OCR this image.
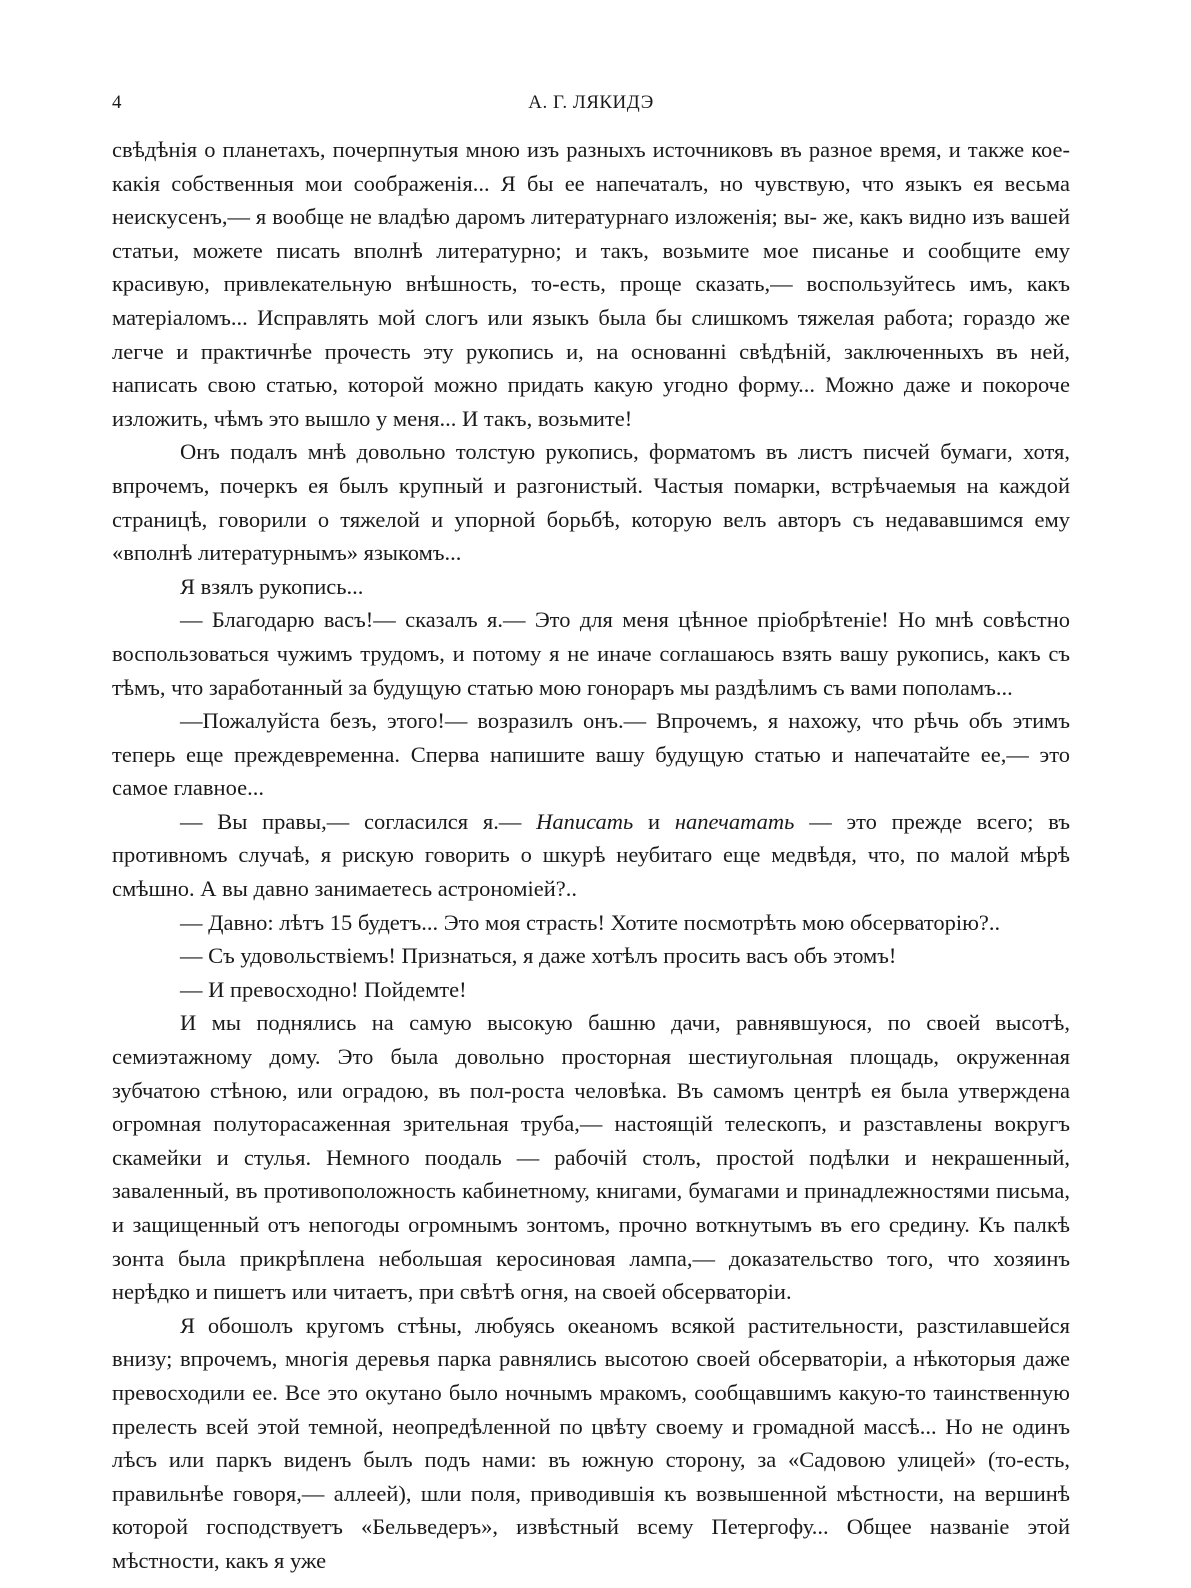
4	А. Г. ЛЯКИДЭ

свѣдѣнія о планетахъ, почерпнутыя мною изъ разныхъ источниковъ въ разное время, и также кое-какія собственныя мои соображенія... Я бы ее напечаталъ, но чувствую, что языкъ ея весьма неискусенъ,— я вообще не владѣю даромъ литературнаго изложенія; вы- же, какъ видно изъ вашей статьи, можете писать вполнѣ литературно; и такъ, возьмите мое писанье и сообщите ему красивую, привлекательную внѣшность, то-есть, проще сказать,— воспользуйтесь имъ, какъ матеріаломъ... Исправлять мой слогъ или языкъ была бы слишкомъ тяжелая работа; гораздо же легче и практичнѣе прочесть эту рукопись и, на основанні свѣдѣній, заключенныхъ въ ней, написать свою статью, которой можно придать какую угодно форму... Можно даже и покороче изложить, чѣмъ это вышло у меня... И такъ, возьмите!

Онъ подалъ мнѣ довольно толстую рукопись, форматомъ въ листъ писчей бумаги, хотя, впрочемъ, почеркъ ея былъ крупный и разгонистый. Частыя помарки, встрѣчаемыя на каждой страницѣ, говорили о тяжелой и упорной борьбѣ, которую велъ авторъ съ недававшимся ему «вполнѣ литературнымъ» языкомъ...

Я взялъ рукопись...

— Благодарю васъ!— сказалъ я.— Это для меня цѣнное пріобрѣтеніе! Но мнѣ совѣстно воспользоваться чужимъ трудомъ, и потому я не иначе соглашаюсь взять вашу рукопись, какъ съ тѣмъ, что заработанный за будущую статью мою гонораръ мы раздѣлимъ съ вами пополамъ...

—Пожалуйста безъ, этого!— возразилъ онъ.— Впрочемъ, я нахожу, что рѣчь объ этимъ теперь еще преждевременна. Сперва напишите вашу будущую статью и напечатайте ее,— это самое главное...

— Вы правы,— согласился я.— Написать и напечатать — это прежде всего; въ противномъ случаѣ, я рискую говорить о шкурѣ неубитаго еще медвѣдя, что, по малой мѣрѣ смѣшно. А вы давно занимаетесь астрономіей?..

— Давно: лѣтъ 15 будетъ... Это моя страсть! Хотите посмотрѣть мою обсерваторію?..

— Съ удовольствіемъ! Признаться, я даже хотѣлъ просить васъ объ этомъ!

— И превосходно! Пойдемте!

И мы поднялись на самую высокую башню дачи, равнявшуюся, по своей высотѣ, семиэтажному дому. Это была довольно просторная шестиугольная площадь, окруженная зубчатою стѣною, или оградою, въ пол-роста человѣка. Въ самомъ центрѣ ея была утверждена огромная полуторасаженная зрительная труба,— настоящій телескопъ, и разставлены вокругъ скамейки и стулья. Немного поодаль — рабочій столъ, простой подѣлки и некрашенный, заваленный, въ противоположность кабинетному, книгами, бумагами и принадлежностями письма, и защищенный отъ непогоды огромнымъ зонтомъ, прочно воткнутымъ въ его средину. Къ палкѣ зонта была прикрѣплена небольшая керосиновая лампа,— доказательство того, что хозяинъ нерѣдко и пишетъ или читаетъ, при свѣтѣ огня, на своей обсерваторіи.

Я обошолъ кругомъ стѣны, любуясь океаномъ всякой растительности, разстилавшейся внизу; впрочемъ, многія деревья парка равнялись высотою своей обсерваторіи, а нѣкоторыя даже превосходили ее. Все это окутано было ночнымъ мракомъ, сообщавшимъ какую-то таинственную прелесть всей этой темной, неопредѣленной по цвѣту своему и громадной массѣ... Но не одинъ лѣсъ или паркъ виденъ былъ подъ нами: въ южную сторону, за «Садовою улицей» (то-есть, правильнѣе говоря,— аллеей), шли поля, приводившія къ возвышенной мѣстности, на вершинѣ которой господствуетъ «Бельведеръ», извѣстный всему Петергофу... Общее названіе этой мѣстности, какъ я уже
